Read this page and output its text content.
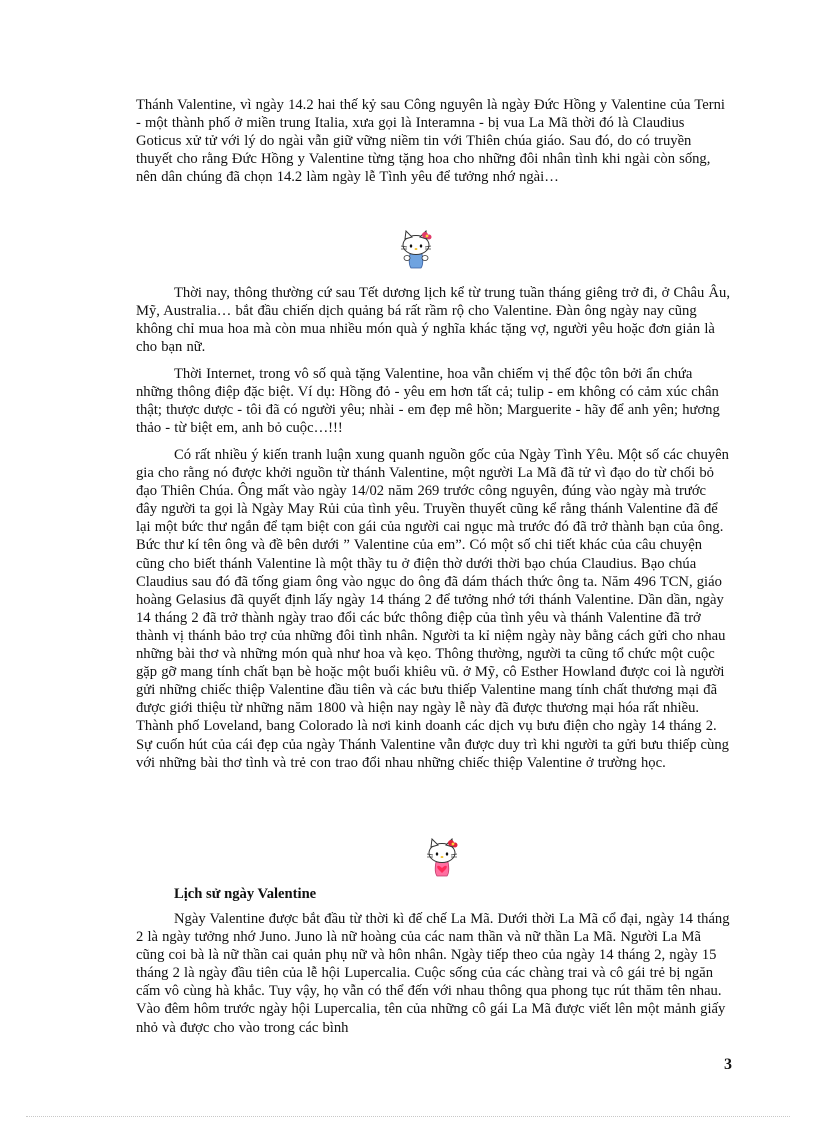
Thánh Valentine, vì ngày 14.2 hai thế kỷ sau Công nguyên là ngày Đức Hồng y Valentine của Terni - một thành phố ở miền trung Italia, xưa gọi là Interamna - bị vua La Mã thời đó là Claudius Goticus xử tử với lý do ngài vẫn giữ vững niềm tin với Thiên chúa giáo. Sau đó, do có truyền thuyết cho rằng Đức Hồng y Valentine từng tặng hoa cho những đôi nhân tình khi ngài còn sống, nên dân chúng đã chọn 14.2 làm ngày lễ Tình yêu để tưởng nhớ ngài…

Thời nay, thông thường cứ sau Tết dương lịch kể từ trung tuần tháng giêng trở đi, ở Châu Âu, Mỹ, Australia… bắt đầu chiến dịch quảng bá rất rầm rộ cho Valentine. Đàn ông ngày nay cũng không chỉ mua hoa mà còn mua nhiều món quà ý nghĩa khác tặng vợ, người yêu hoặc đơn giản là cho bạn nữ.

Thời Internet, trong vô số quà tặng Valentine, hoa vẫn chiếm vị thế độc tôn bởi ẩn chứa những thông điệp đặc biệt. Ví dụ: Hồng đỏ - yêu em hơn tất cả; tulip - em không có cảm xúc chân thật; thược dược - tôi đã có người yêu; nhài - em đẹp mê hồn; Marguerite - hãy để anh yên; hương thảo - từ biệt em, anh bỏ cuộc…!!!

Có rất nhiều ý kiến tranh luận xung quanh nguồn gốc của Ngày Tình Yêu. Một số các chuyên gia cho rằng nó được khởi nguồn từ thánh Valentine, một người La Mã đã tử vì đạo do từ chối bỏ đạo Thiên Chúa. Ông mất vào ngày 14/02 năm 269 trước công nguyên, đúng vào ngày mà trước đây người ta gọi là Ngày May Rủi của tình yêu. Truyền thuyết cũng kể rằng thánh Valentine đã để lại một bức thư ngắn để tạm biệt con gái của người cai ngục mà trước đó đã trở thành bạn của ông. Bức thư kí tên ông và đề bên dưới ” Valentine của em”. Có một số chi tiết khác của câu chuyện cũng cho biết thánh Valentine là một thầy tu ở điện thờ dưới thời bạo chúa Claudius. Bạo chúa Claudius sau đó đã tống giam ông vào ngục do ông đã dám thách thức ông ta. Năm 496 TCN, giáo hoàng Gelasius đã quyết định lấy ngày 14 tháng 2 để tưởng nhớ tới thánh Valentine. Dần dần, ngày 14 tháng 2 đã trở thành ngày trao đổi các bức thông điệp của tình yêu và thánh Valentine đã trở thành vị thánh bảo trợ của những đôi tình nhân. Người ta kỉ niệm ngày này bằng cách gửi cho nhau những bài thơ và những món quà như hoa và kẹo. Thông thường, người ta cũng tổ chức một cuộc gặp gỡ mang tính chất bạn bè hoặc một buổi khiêu vũ. ở Mỹ, cô Esther Howland được coi là người gửi những chiếc thiệp Valentine đầu tiên và các bưu thiếp Valentine mang tính chất thương mại đã được giới thiệu từ những năm 1800 và hiện nay ngày lễ này đã được thương mại hóa rất nhiều. Thành phố Loveland, bang Colorado là nơi kinh doanh các dịch vụ bưu điện cho ngày 14 tháng 2. Sự cuốn hút của cái đẹp của ngày Thánh Valentine vẫn được duy trì khi người ta gửi bưu thiếp cùng với những bài thơ tình và trẻ con trao đổi nhau những chiếc thiệp Valentine ở trường học.

Lịch sử ngày Valentine

Ngày Valentine được bắt đầu từ thời kì đế chế La Mã. Dưới thời La Mã cổ đại, ngày 14 tháng 2 là ngày tưởng nhớ Juno. Juno là nữ hoàng của các nam thần và nữ thần La Mã. Người La Mã cũng coi bà là nữ thần cai quản phụ nữ và hôn nhân. Ngày tiếp theo của ngày 14 tháng 2, ngày 15 tháng 2 là ngày đầu tiên của lễ hội Lupercalia. Cuộc sống của các chàng trai và cô gái trẻ bị ngăn cấm vô cùng hà khắc. Tuy vậy, họ vẫn có thể đến với nhau thông qua phong tục rút thăm tên nhau. Vào đêm hôm trước ngày hội Lupercalia, tên của những cô gái La Mã được viết lên một mảnh giấy nhỏ và được cho vào trong các bình

3
